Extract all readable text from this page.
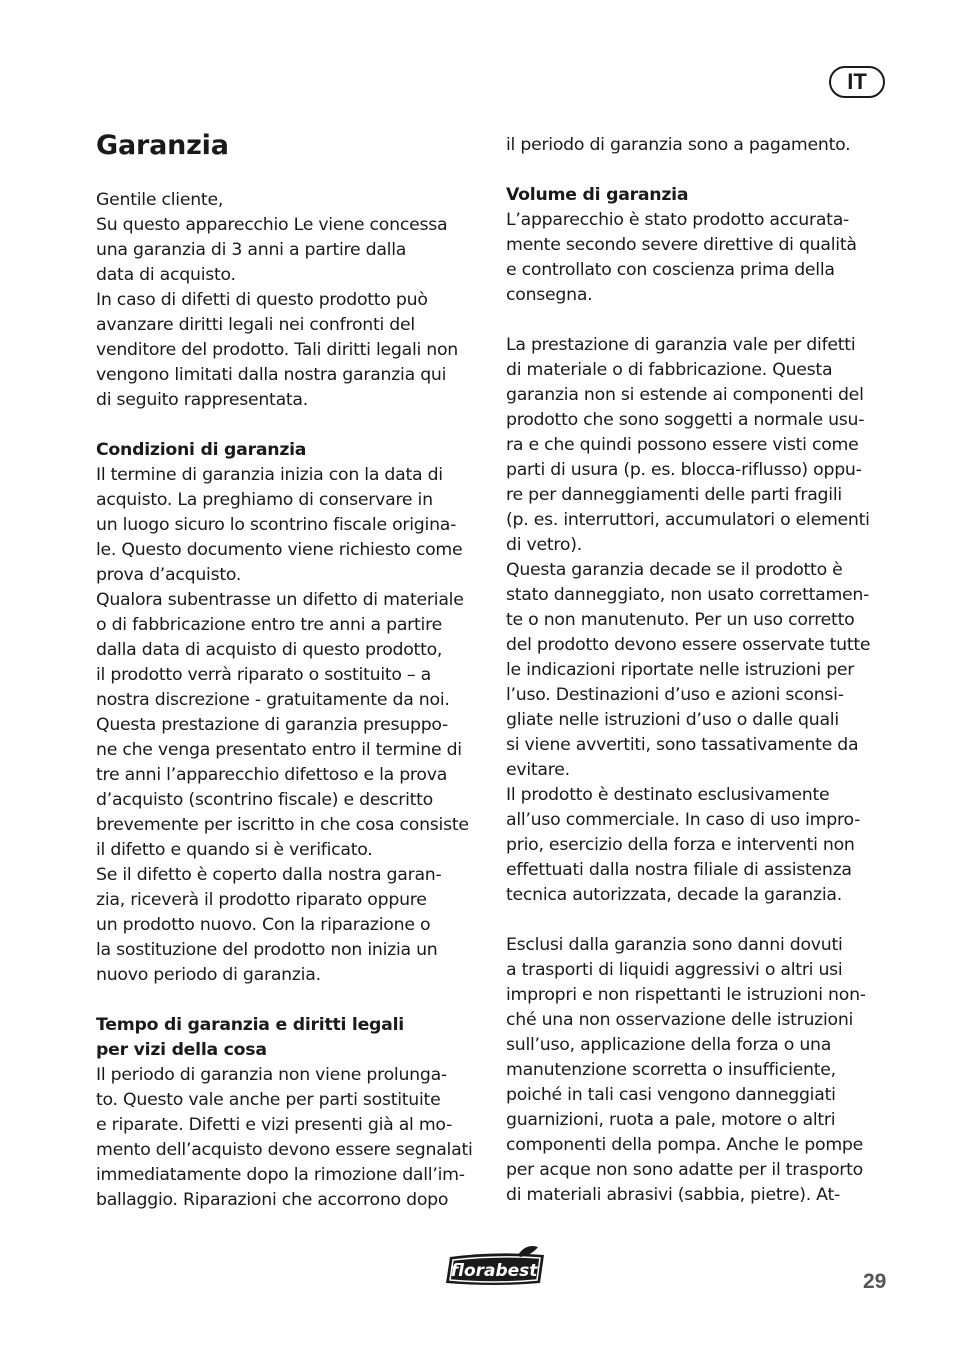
IT
Garanzia
Gentile cliente,
Su questo apparecchio Le viene concessa
una garanzia di 3 anni a partire dalla
data di acquisto.
In caso di difetti di questo prodotto può
avanzare diritti legali nei confronti del
venditore del prodotto. Tali diritti legali non
vengono limitati dalla nostra garanzia qui
di seguito rappresentata.
Condizioni di garanzia
Il termine di garanzia inizia con la data di
acquisto. La preghiamo di conservare in
un luogo sicuro lo scontrino fiscale origina-
le. Questo documento viene richiesto come
prova d’acquisto.
Qualora subentrasse un difetto di materiale
o di fabbricazione entro tre anni a partire
dalla data di acquisto di questo prodotto,
il prodotto verrà riparato o sostituito – a
nostra discrezione - gratuitamente da noi.
Questa prestazione di garanzia presuppo-
ne che venga presentato entro il termine di
tre anni l’apparecchio difettoso e la prova
d’acquisto (scontrino fiscale) e descritto
brevemente per iscritto in che cosa consiste
il difetto e quando si è verificato.
Se il difetto è coperto dalla nostra garan-
zia, riceverà il prodotto riparato oppure
un prodotto nuovo. Con la riparazione o
la sostituzione del prodotto non inizia un
nuovo periodo di garanzia.
Tempo di garanzia e diritti legali
per vizi della cosa
Il periodo di garanzia non viene prolunga-
to. Questo vale anche per parti sostituite
e riparate. Difetti e vizi presenti già al mo-
mento dell’acquisto devono essere segnalati
immediatamente dopo la rimozione dall’im-
ballaggio. Riparazioni che accorrono dopo
il periodo di garanzia sono a pagamento.
Volume di garanzia
L’apparecchio è stato prodotto accurata-
mente secondo severe direttive di qualità
e controllato con coscienza prima della
consegna.
La prestazione di garanzia vale per difetti
di materiale o di fabbricazione. Questa
garanzia non si estende ai componenti del
prodotto che sono soggetti a normale usu-
ra e che quindi possono essere visti come
parti di usura (p. es. blocca-riflusso) oppu-
re per danneggiamenti delle parti fragili
(p. es. interruttori, accumulatori o elementi
di vetro).
Questa garanzia decade se il prodotto è
stato danneggiato, non usato correttamen-
te o non manutenuto. Per un uso corretto
del prodotto devono essere osservate tutte
le indicazioni riportate nelle istruzioni per
l’uso. Destinazioni d’uso e azioni sconsi-
gliate nelle istruzioni d’uso o dalle quali
si viene avvertiti, sono tassativamente da
evitare.
Il prodotto è destinato esclusivamente
all’uso commerciale. In caso di uso impro-
prio, esercizio della forza e interventi non
effettuati dalla nostra filiale di assistenza
tecnica autorizzata, decade la garanzia.
Esclusi dalla garanzia sono danni dovuti
a trasporti di liquidi aggressivi o altri usi
impropri e non rispettanti le istruzioni non-
ché una non osservazione delle istruzioni
sull’uso, applicazione della forza o una
manutenzione scorretta o insufficiente,
poiché in tali casi vengono danneggiati
guarnizioni, ruota a pale, motore o altri
componenti della pompa. Anche le pompe
per acque non sono adatte per il trasporto
di materiali abrasivi (sabbia, pietre). At-
florabest	29
